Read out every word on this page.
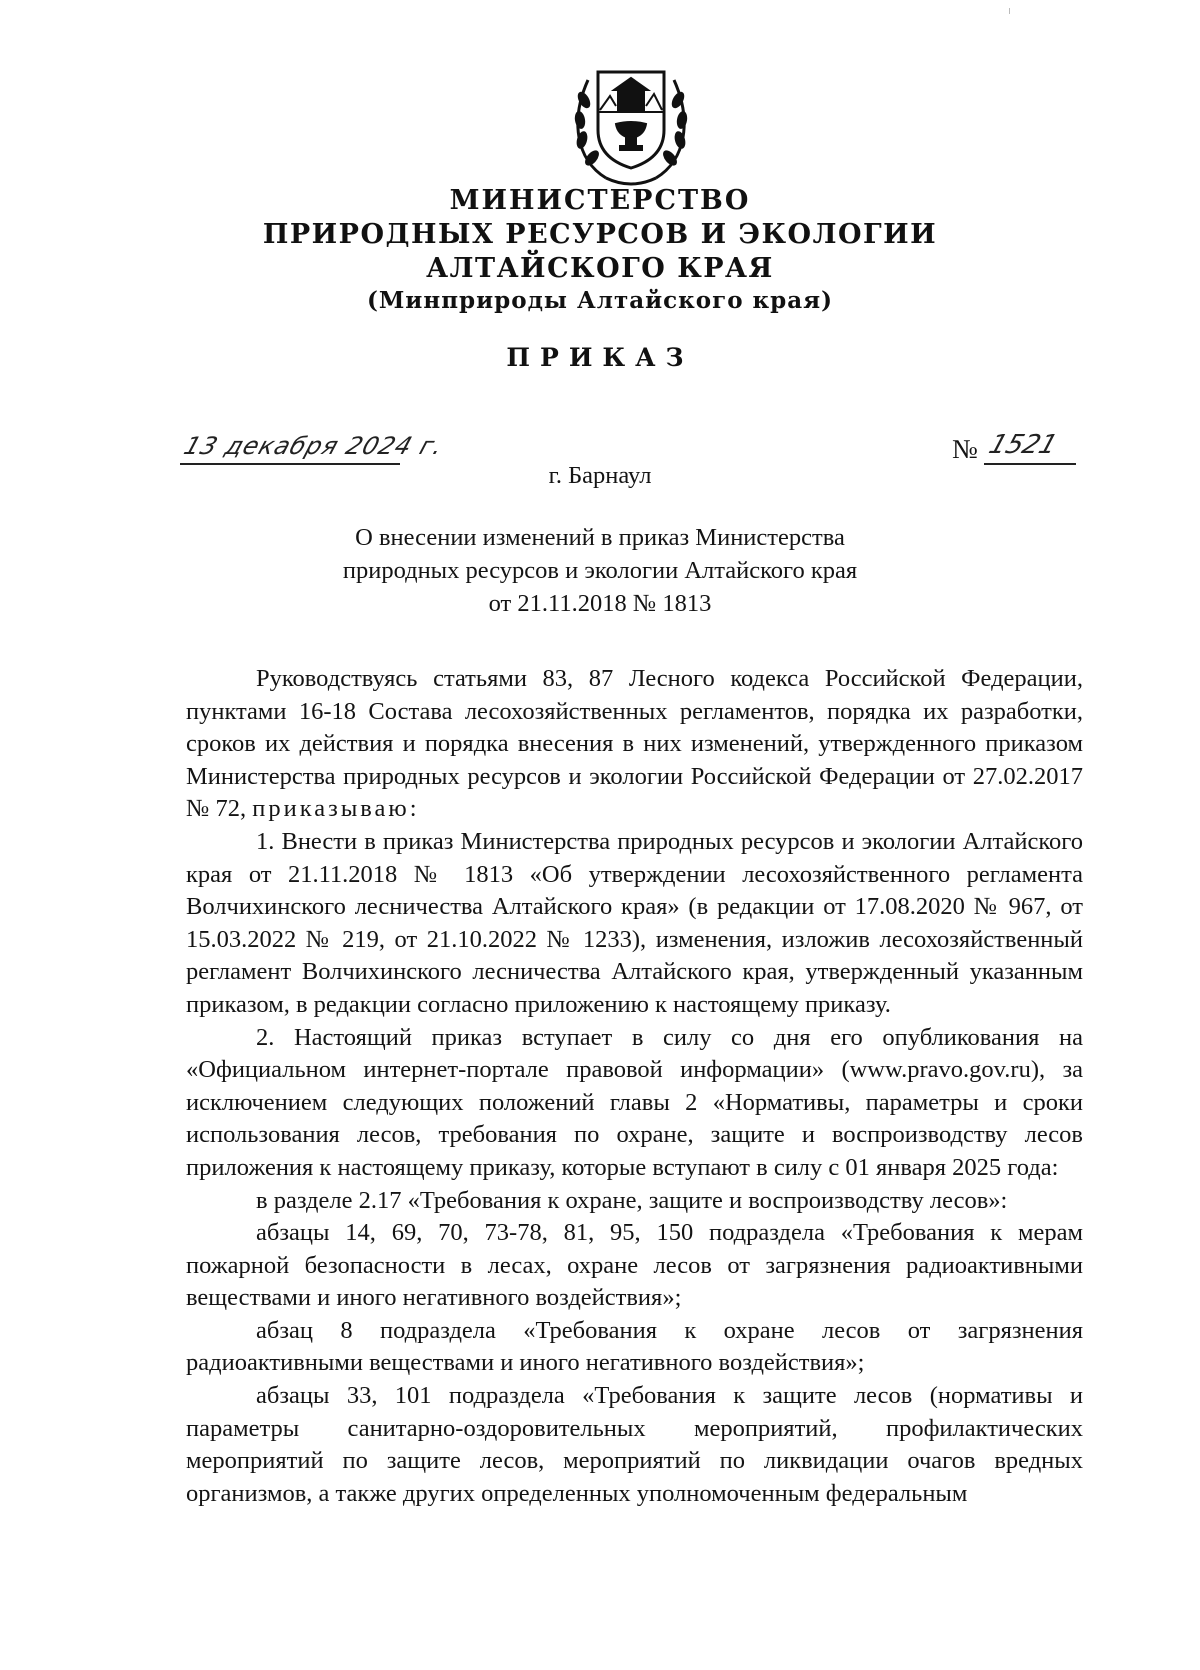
МИНИСТЕРСТВО
ПРИРОДНЫХ РЕСУРСОВ И ЭКОЛОГИИ
АЛТАЙСКОГО КРАЯ
(Минприроды Алтайского края)
ПРИКАЗ
13 декабря 2024 г.	№ 1521
г. Барнаул
О внесении изменений в приказ Министерства
природных ресурсов и экологии Алтайского края
от 21.11.2018 № 1813

Руководствуясь статьями 83, 87 Лесного кодекса Российской Федерации, пунктами 16-18 Состава лесохозяйственных регламентов, порядка их разработки, сроков их действия и порядка внесения в них изменений, утвержденного приказом Министерства природных ресурсов и экологии Российской Федерации от 27.02.2017 № 72, приказываю:

1. Внести в приказ Министерства природных ресурсов и экологии Алтайского края от 21.11.2018 № 1813 «Об утверждении лесохозяйственного регламента Волчихинского лесничества Алтайского края» (в редакции от 17.08.2020 № 967, от 15.03.2022 № 219, от 21.10.2022 № 1233), изменения, изложив лесохозяйственный регламент Волчихинского лесничества Алтайского края, утвержденный указанным приказом, в редакции согласно приложению к настоящему приказу.

2. Настоящий приказ вступает в силу со дня его опубликования на «Официальном интернет-портале правовой информации» (www.pravo.gov.ru), за исключением следующих положений главы 2 «Нормативы, параметры и сроки использования лесов, требования по охране, защите и воспроизводству лесов приложения к настоящему приказу, которые вступают в силу с 01 января 2025 года:

в разделе 2.17 «Требования к охране, защите и воспроизводству лесов»:

абзацы 14, 69, 70, 73-78, 81, 95, 150 подраздела «Требования к мерам пожарной безопасности в лесах, охране лесов от загрязнения радиоактивными веществами и иного негативного воздействия»;

абзац 8 подраздела «Требования к охране лесов от загрязнения радиоактивными веществами и иного негативного воздействия»;

абзацы 33, 101 подраздела «Требования к защите лесов (нормативы и параметры санитарно-оздоровительных мероприятий, профилактических мероприятий по защите лесов, мероприятий по ликвидации очагов вредных организмов, а также других определенных уполномоченным федеральным
